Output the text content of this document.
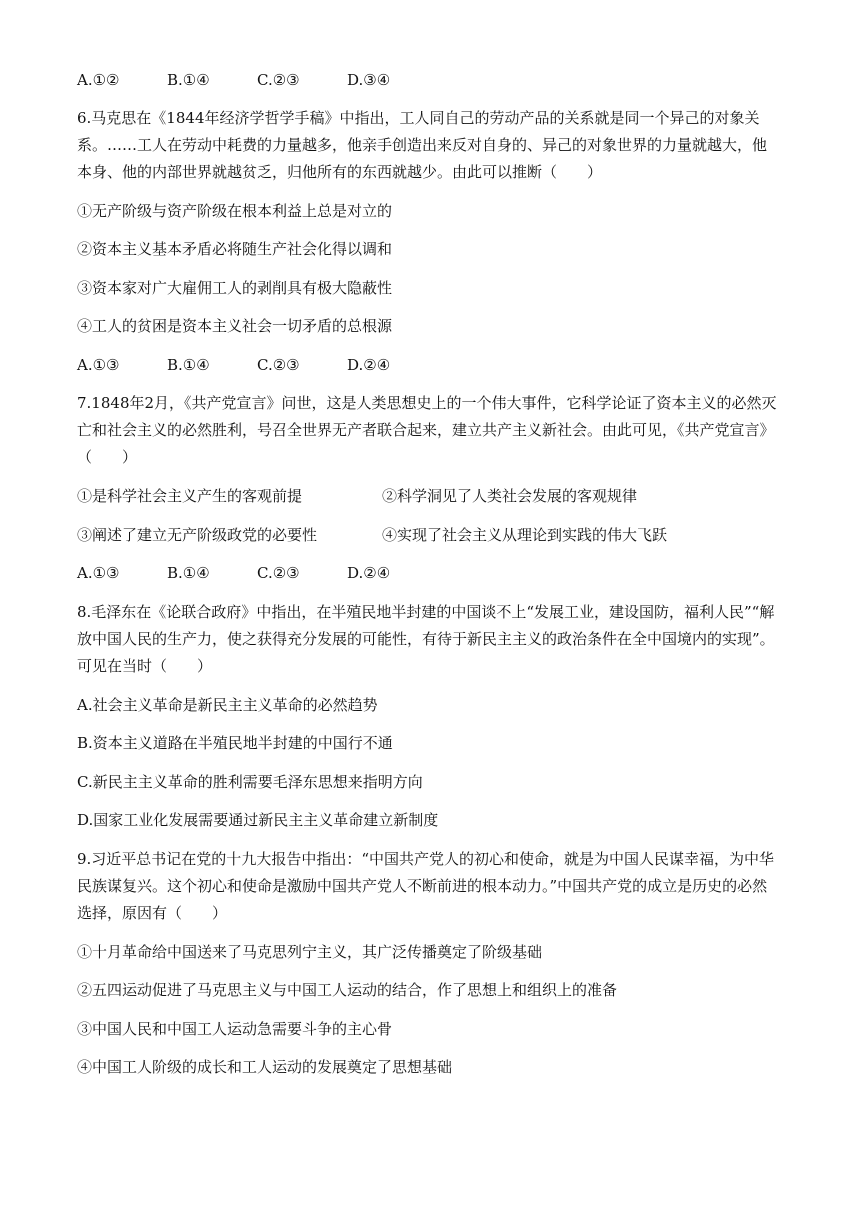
A.①②	B.①④	C.②③	D.③④
6.马克思在《1844年经济学哲学手稿》中指出，工人同自己的劳动产品的关系就是同一个异己的对象关
系。……工人在劳动中耗费的力量越多，他亲手创造出来反对自身的、异己的对象世界的力量就越大，他
本身、他的内部世界就越贫乏，归他所有的东西就越少。由此可以推断（　　）
①无产阶级与资产阶级在根本利益上总是对立的
②资本主义基本矛盾必将随生产社会化得以调和
③资本家对广大雇佣工人的剥削具有极大隐蔽性
④工人的贫困是资本主义社会一切矛盾的总根源
A.①③	B.①④	C.②③	D.②④
7.1848年2月，《共产党宣言》问世，这是人类思想史上的一个伟大事件，它科学论证了资本主义的必然灭
亡和社会主义的必然胜利，号召全世界无产者联合起来，建立共产主义新社会。由此可见，《共产党宣言》
（　　）
①是科学社会主义产生的客观前提	②科学洞见了人类社会发展的客观规律
③阐述了建立无产阶级政党的必要性	④实现了社会主义从理论到实践的伟大飞跃
A.①③	B.①④	C.②③	D.②④
8.毛泽东在《论联合政府》中指出，在半殖民地半封建的中国谈不上“发展工业，建设国防，福利人民”“解
放中国人民的生产力，使之获得充分发展的可能性，有待于新民主主义的政治条件在全中国境内的实现”。
可见在当时（　　）
A.社会主义革命是新民主主义革命的必然趋势
B.资本主义道路在半殖民地半封建的中国行不通
C.新民主主义革命的胜利需要毛泽东思想来指明方向
D.国家工业化发展需要通过新民主主义革命建立新制度
9.习近平总书记在党的十九大报告中指出：“中国共产党人的初心和使命，就是为中国人民谋幸福，为中华
民族谋复兴。这个初心和使命是激励中国共产党人不断前进的根本动力。”中国共产党的成立是历史的必然
选择，原因有（　　）
①十月革命给中国送来了马克思列宁主义，其广泛传播奠定了阶级基础
②五四运动促进了马克思主义与中国工人运动的结合，作了思想上和组织上的准备
③中国人民和中国工人运动急需要斗争的主心骨
④中国工人阶级的成长和工人运动的发展奠定了思想基础
